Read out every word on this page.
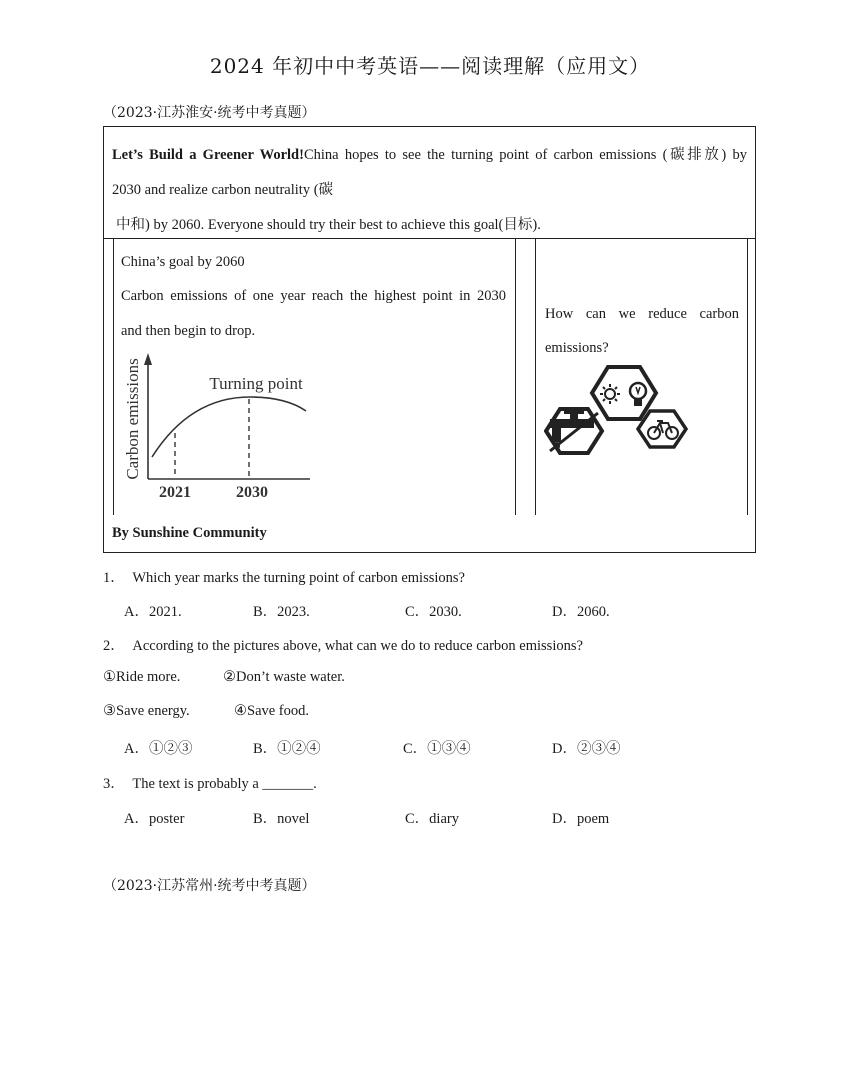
2024 年初中中考英语——阅读理解（应用文）
（2023·江苏淮安·统考中考真题）
Let’s Build a Greener World!China hopes to see the turning point of carbon emissions (碳排放) by
2030 and realize carbon neutrality (碳
中和) by 2060. Everyone should try their best to achieve this goal(目标).
China’s goal by 2060
Carbon emissions of one year reach the highest point in 2030
and then begin to drop.
Carbon emissions	Turning point
2021	2030
How can we reduce carbon
emissions?
By Sunshine Community
1． Which year marks the turning point of carbon emissions?
A．2021.	B．2023.	C．2030.	D．2060.
2． According to the pictures above, what can we do to reduce carbon emissions?
①Ride more.	②Don’t waste water.
③Save energy.	④Save food.
A．①②③	B．①②④	C．①③④	D．②③④
3． The text is probably a _______.
A．poster	B．novel	C．diary	D．poem
（2023·江苏常州·统考中考真题）
